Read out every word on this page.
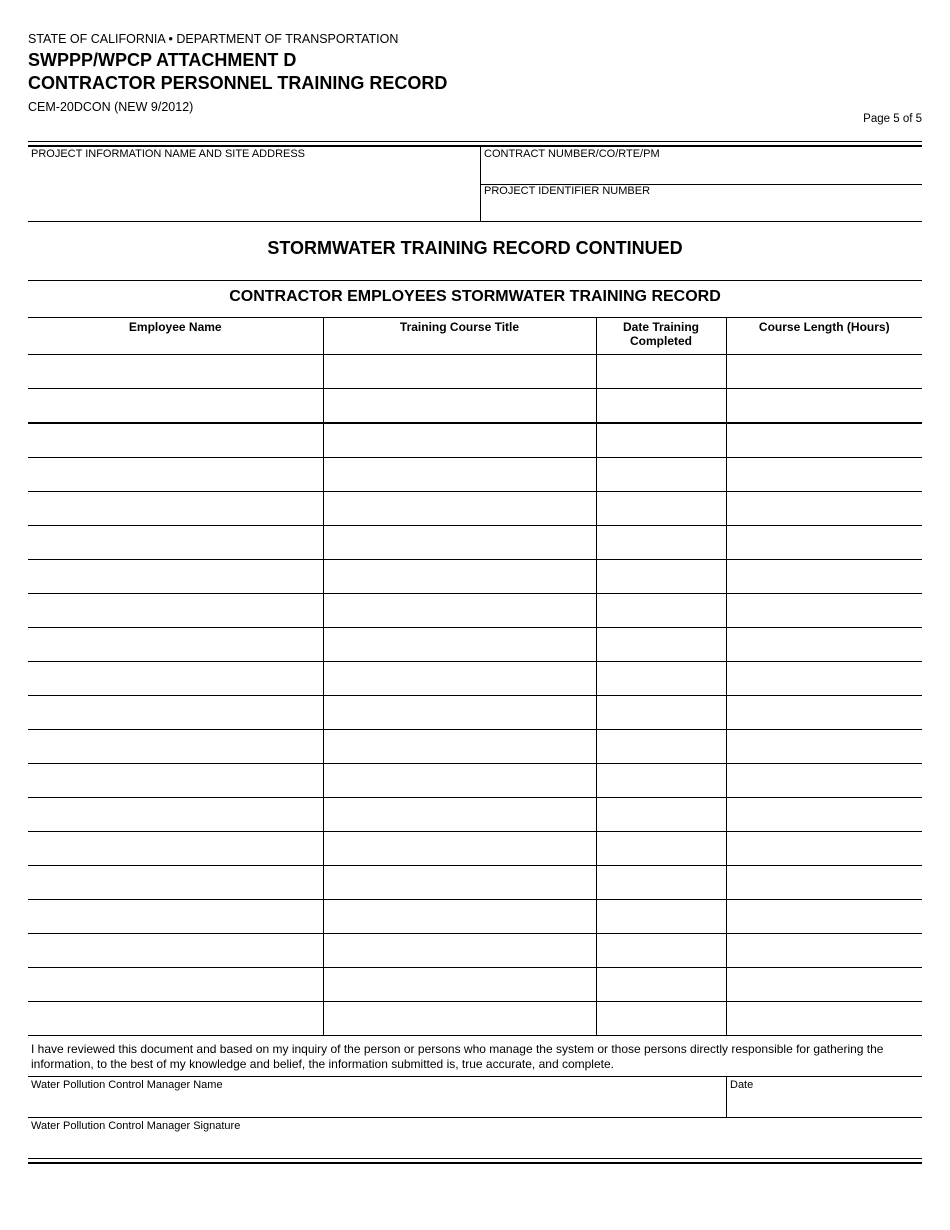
STATE OF CALIFORNIA • DEPARTMENT OF TRANSPORTATION
SWPPP/WPCP ATTACHMENT D
CONTRACTOR PERSONNEL TRAINING RECORD
CEM-20DCON (NEW 9/2012)
Page 5 of 5
PROJECT INFORMATION NAME AND SITE ADDRESS	CONTRACT NUMBER/CO/RTE/PM
PROJECT IDENTIFIER NUMBER
STORMWATER TRAINING RECORD CONTINUED
CONTRACTOR EMPLOYEES STORMWATER TRAINING RECORD
Employee Name	Training Course Title	Date Training Completed	Course Length (Hours)

I have reviewed this document and based on my inquiry of the person or persons who manage the system or those persons directly responsible for gathering the information, to the best of my knowledge and belief, the information submitted is, true accurate, and complete.
Water Pollution Control Manager Name	Date
Water Pollution Control Manager Signature
